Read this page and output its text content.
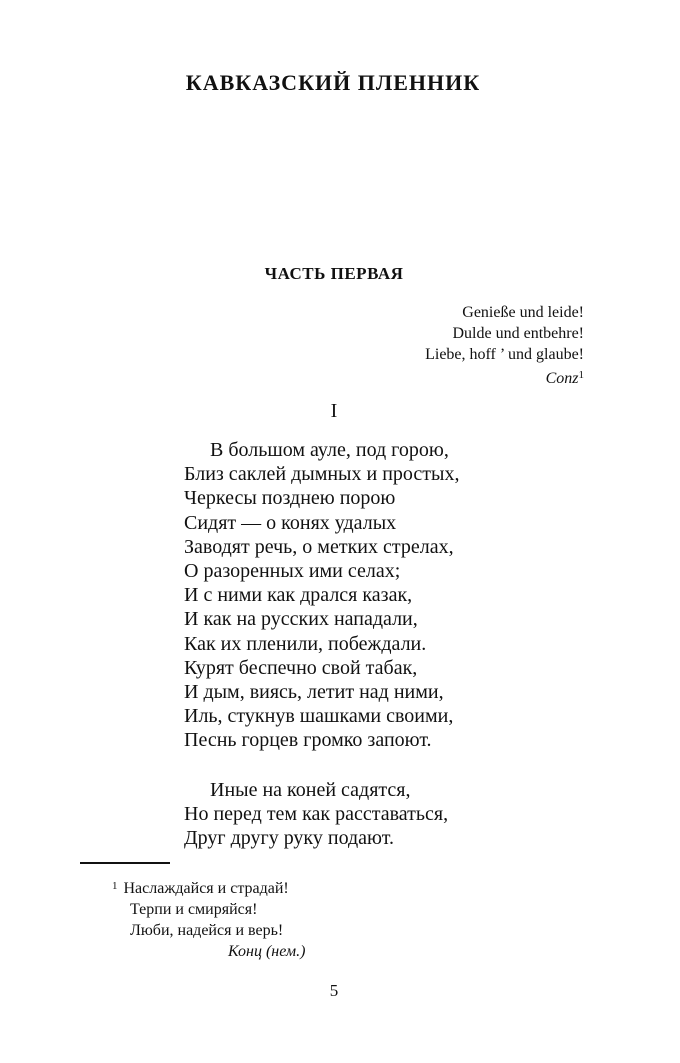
КАВКАЗСКИЙ ПЛЕННИК
ЧАСТЬ ПЕРВАЯ
Genieße und leide!
Dulde und entbehre!
Liebe, hoff ’ und glaube!
Conz$^1$
I
В большом ауле, под горою,
Близ саклей дымных и простых,
Черкесы позднею порою
Сидят — о конях удалых
Заводят речь, о метких стрелах,
О разоренных ими селах;
И с ними как дрался казак,
И как на русских нападали,
Как их пленили, побеждали.
Курят беспечно свой табак,
И дым, виясь, летит над ними,
Иль, стукнув шашками своими,
Песнь горцев громко запоют.
Иные на коней садятся,
Но перед тем как расставаться,
Друг другу руку подают.
$^1$ Наслаждайся и страдай!
Терпи и смиряйся!
Люби, надейся и верь!
Конц (нем.)
5
